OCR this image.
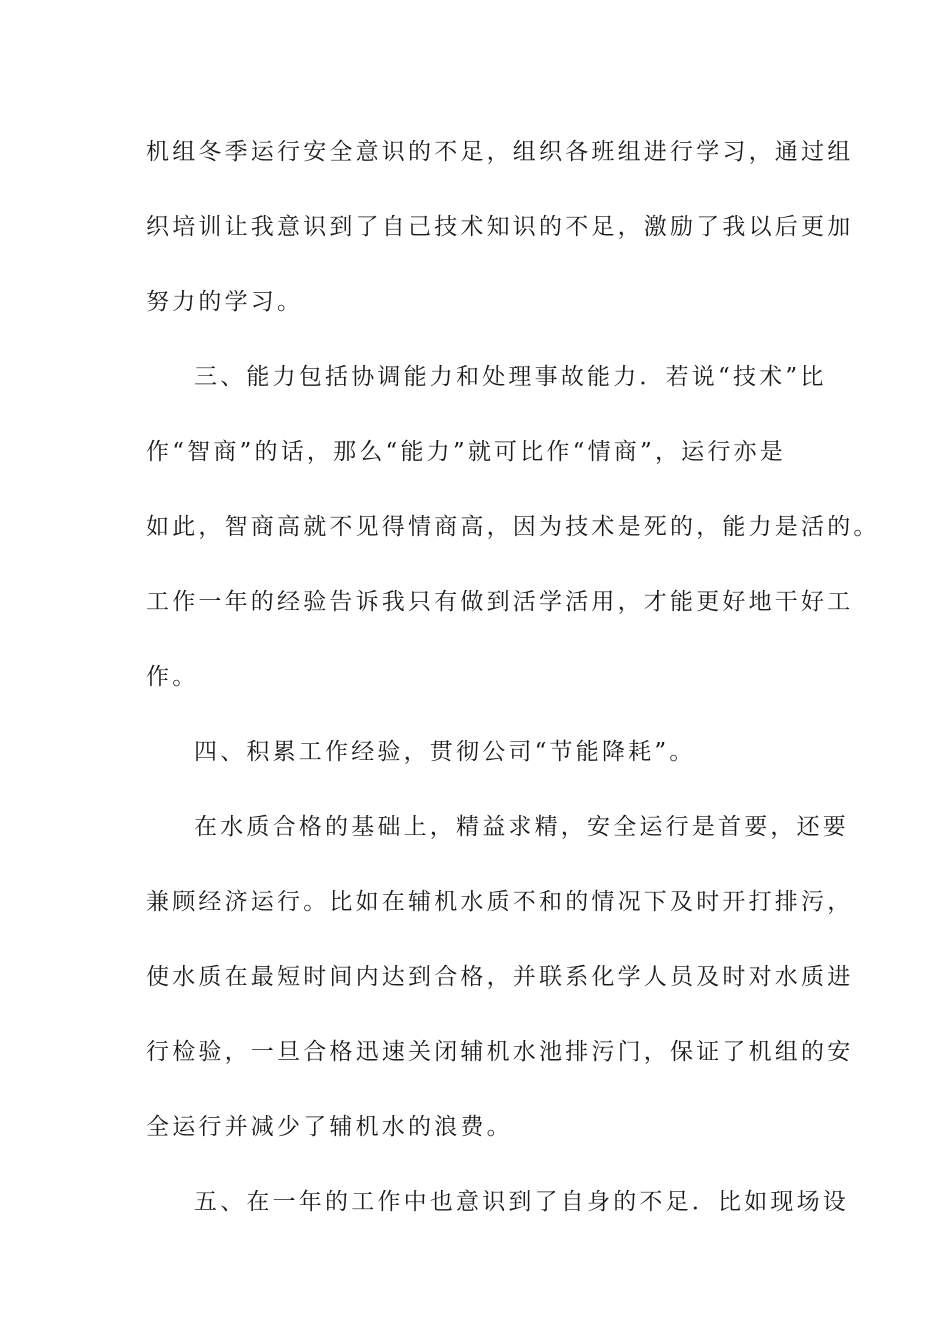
机组冬季运行安全意识的不足，组织各班组进行学习，通过组
织培训让我意识到了自己技术知识的不足，激励了我以后更加
努力的学习。
三、能力包括协调能力和处理事故能力．若说“技术”比
作“智商”的话，那么“能力”就可比作“情商”，运行亦是
如此，智商高就不见得情商高，因为技术是死的，能力是活的。
工作一年的经验告诉我只有做到活学活用，才能更好地干好工
作。
四、积累工作经验，贯彻公司“节能降耗”。
在水质合格的基础上，精益求精，安全运行是首要，还要
兼顾经济运行。比如在辅机水质不和的情况下及时开打排污，
使水质在最短时间内达到合格，并联系化学人员及时对水质进
行检验，一旦合格迅速关闭辅机水池排污门，保证了机组的安
全运行并减少了辅机水的浪费。
五、在一年的工作中也意识到了自身的不足．比如现场设
